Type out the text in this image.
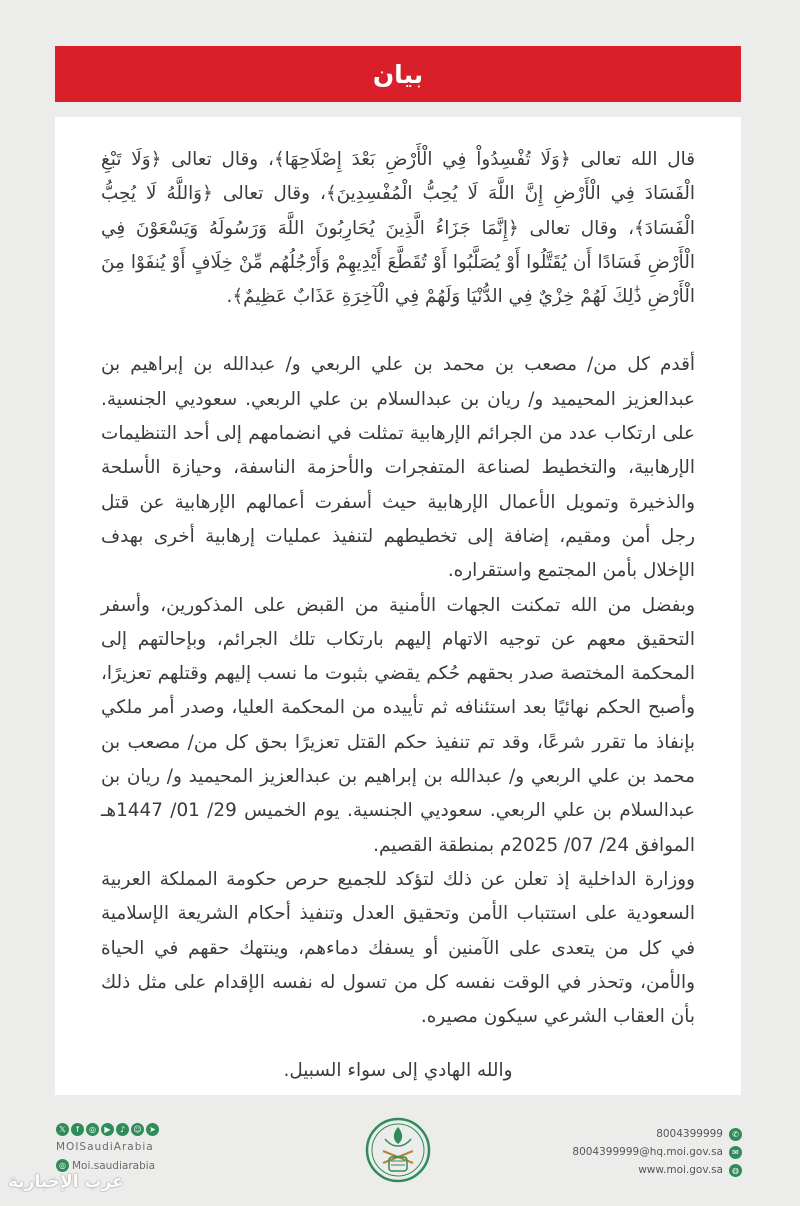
بيان

قال الله تعالى ﴿وَلَا تُفْسِدُواْ فِي الْأَرْضِ بَعْدَ إِصْلَاحِهَا﴾، وقال تعالى ﴿وَلَا تَبْغِ الْفَسَادَ فِي الْأَرْضِ إِنَّ اللَّهَ لَا يُحِبُّ الْمُفْسِدِينَ﴾، وقال تعالى ﴿وَاللَّهُ لَا يُحِبُّ الْفَسَادَ﴾، وقال تعالى ﴿إِنَّمَا جَزَاءُ الَّذِينَ يُحَارِبُونَ اللَّهَ وَرَسُولَهُ وَيَسْعَوْنَ فِي الْأَرْضِ فَسَادًا أَن يُقَتَّلُوا أَوْ يُصَلَّبُوا أَوْ تُقَطَّعَ أَيْدِيهِمْ وَأَرْجُلُهُم مِّنْ خِلَافٍ أَوْ يُنفَوْا مِنَ الْأَرْضِ ذَٰلِكَ لَهُمْ خِزْيٌ فِي الدُّنْيَا وَلَهُمْ فِي الْآخِرَةِ عَذَابٌ عَظِيمٌ﴾.

أقدم كل من/ مصعب بن محمد بن علي الربعي و/ عبدالله بن إبراهيم بن عبدالعزيز المحيميد و/ ريان بن عبدالسلام بن علي الربعي. سعوديي الجنسية. على ارتكاب عدد من الجرائم الإرهابية تمثلت في انضمامهم إلى أحد التنظيمات الإرهابية، والتخطيط لصناعة المتفجرات والأحزمة الناسفة، وحيازة الأسلحة والذخيرة وتمويل الأعمال الإرهابية حيث أسفرت أعمالهم الإرهابية عن قتل رجل أمن ومقيم، إضافة إلى تخطيطهم لتنفيذ عمليات إرهابية أخرى بهدف الإخلال بأمن المجتمع واستقراره.

وبفضل من الله تمكنت الجهات الأمنية من القبض على المذكورين، وأسفر التحقيق معهم عن توجيه الاتهام إليهم بارتكاب تلك الجرائم، وبإحالتهم إلى المحكمة المختصة صدر بحقهم حُكم يقضي بثبوت ما نسب إليهم وقتلهم تعزيرًا، وأصبح الحكم نهائيًا بعد استئنافه ثم تأييده من المحكمة العليا، وصدر أمر ملكي بإنفاذ ما تقرر شرعًا، وقد تم تنفيذ حكم القتل تعزيرًا بحق كل من/ مصعب بن محمد بن علي الربعي و/ عبدالله بن إبراهيم بن عبدالعزيز المحيميد و/ ريان بن عبدالسلام بن علي الربعي. سعوديي الجنسية. يوم الخميس 29/ 01/ 1447هـ الموافق 24/ 07/ 2025م بمنطقة القصيم.

ووزارة الداخلية إذ تعلن عن ذلك لتؤكد للجميع حرص حكومة المملكة العربية السعودية على استتباب الأمن وتحقيق العدل وتنفيذ أحكام الشريعة الإسلامية في كل من يتعدى على الآمنين أو يسفك دماءهم، وينتهك حقهم في الحياة والأمن، وتحذر في الوقت نفسه كل من تسول له نفسه الإقدام على مثل ذلك بأن العقاب الشرعي سيكون مصيره.

والله الهادي إلى سواء السبيل.

𝕏	f	◎	▶	♪	☺ ➤
MOISaudiArabia
◎ Moi.saudiarabia
8004399999	✆
8004399999@hq.moi.gov.sa	✉
www.moi.gov.sa	◍
عرب الإخبارية
